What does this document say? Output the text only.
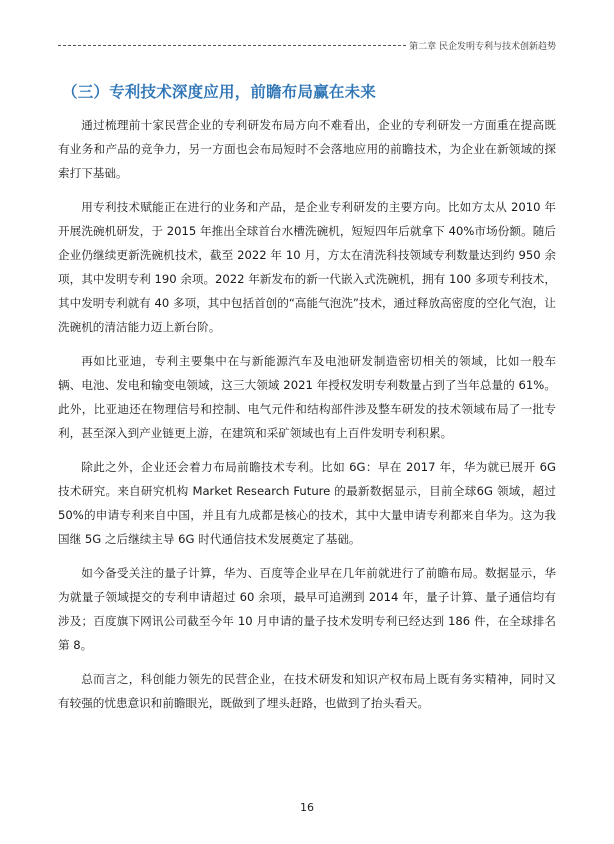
第二章 民企发明专利与技术创新趋势
（三）专利技术深度应用，前瞻布局赢在未来

通过梳理前十家民营企业的专利研发布局方向不难看出，企业的专利研发一方面重在提高既有业务和产品的竞争力，另一方面也会布局短时不会落地应用的前瞻技术，为企业在新领域的探索打下基础。

用专利技术赋能正在进行的业务和产品，是企业专利研发的主要方向。比如方太从 2010 年开展洗碗机研发，于 2015 年推出全球首台水槽洗碗机，短短四年后就拿下 40%市场份额。随后企业仍继续更新洗碗机技术，截至 2022 年 10 月，方太在清洗科技领域专利数量达到约 950 余项，其中发明专利 190 余项。2022 年新发布的新一代嵌入式洗碗机，拥有 100 多项专利技术，其中发明专利就有 40 多项，其中包括首创的“高能气泡洗”技术，通过释放高密度的空化气泡，让洗碗机的清洁能力迈上新台阶。

再如比亚迪，专利主要集中在与新能源汽车及电池研发制造密切相关的领域，比如一般车辆、电池、发电和输变电领域，这三大领域 2021 年授权发明专利数量占到了当年总量的 61%。此外，比亚迪还在物理信号和控制、电气元件和结构部件涉及整车研发的技术领域布局了一批专利，甚至深入到产业链更上游，在建筑和采矿领域也有上百件发明专利积累。

除此之外，企业还会着力布局前瞻技术专利。比如 6G：早在 2017 年，华为就已展开 6G 技术研究。来自研究机构 Market Research Future 的最新数据显示，目前全球6G 领域，超过 50%的申请专利来自中国，并且有九成都是核心的技术，其中大量申请专利都来自华为。这为我国继 5G 之后继续主导 6G 时代通信技术发展奠定了基础。

如今备受关注的量子计算，华为、百度等企业早在几年前就进行了前瞻布局。数据显示，华为就量子领域提交的专利申请超过 60 余项，最早可追溯到 2014 年，量子计算、量子通信均有涉及；百度旗下网讯公司截至今年 10 月申请的量子技术发明专利已经达到 186 件，在全球排名第 8。

总而言之，科创能力领先的民营企业，在技术研发和知识产权布局上既有务实精神，同时又有较强的忧患意识和前瞻眼光，既做到了埋头赶路，也做到了抬头看天。

16
